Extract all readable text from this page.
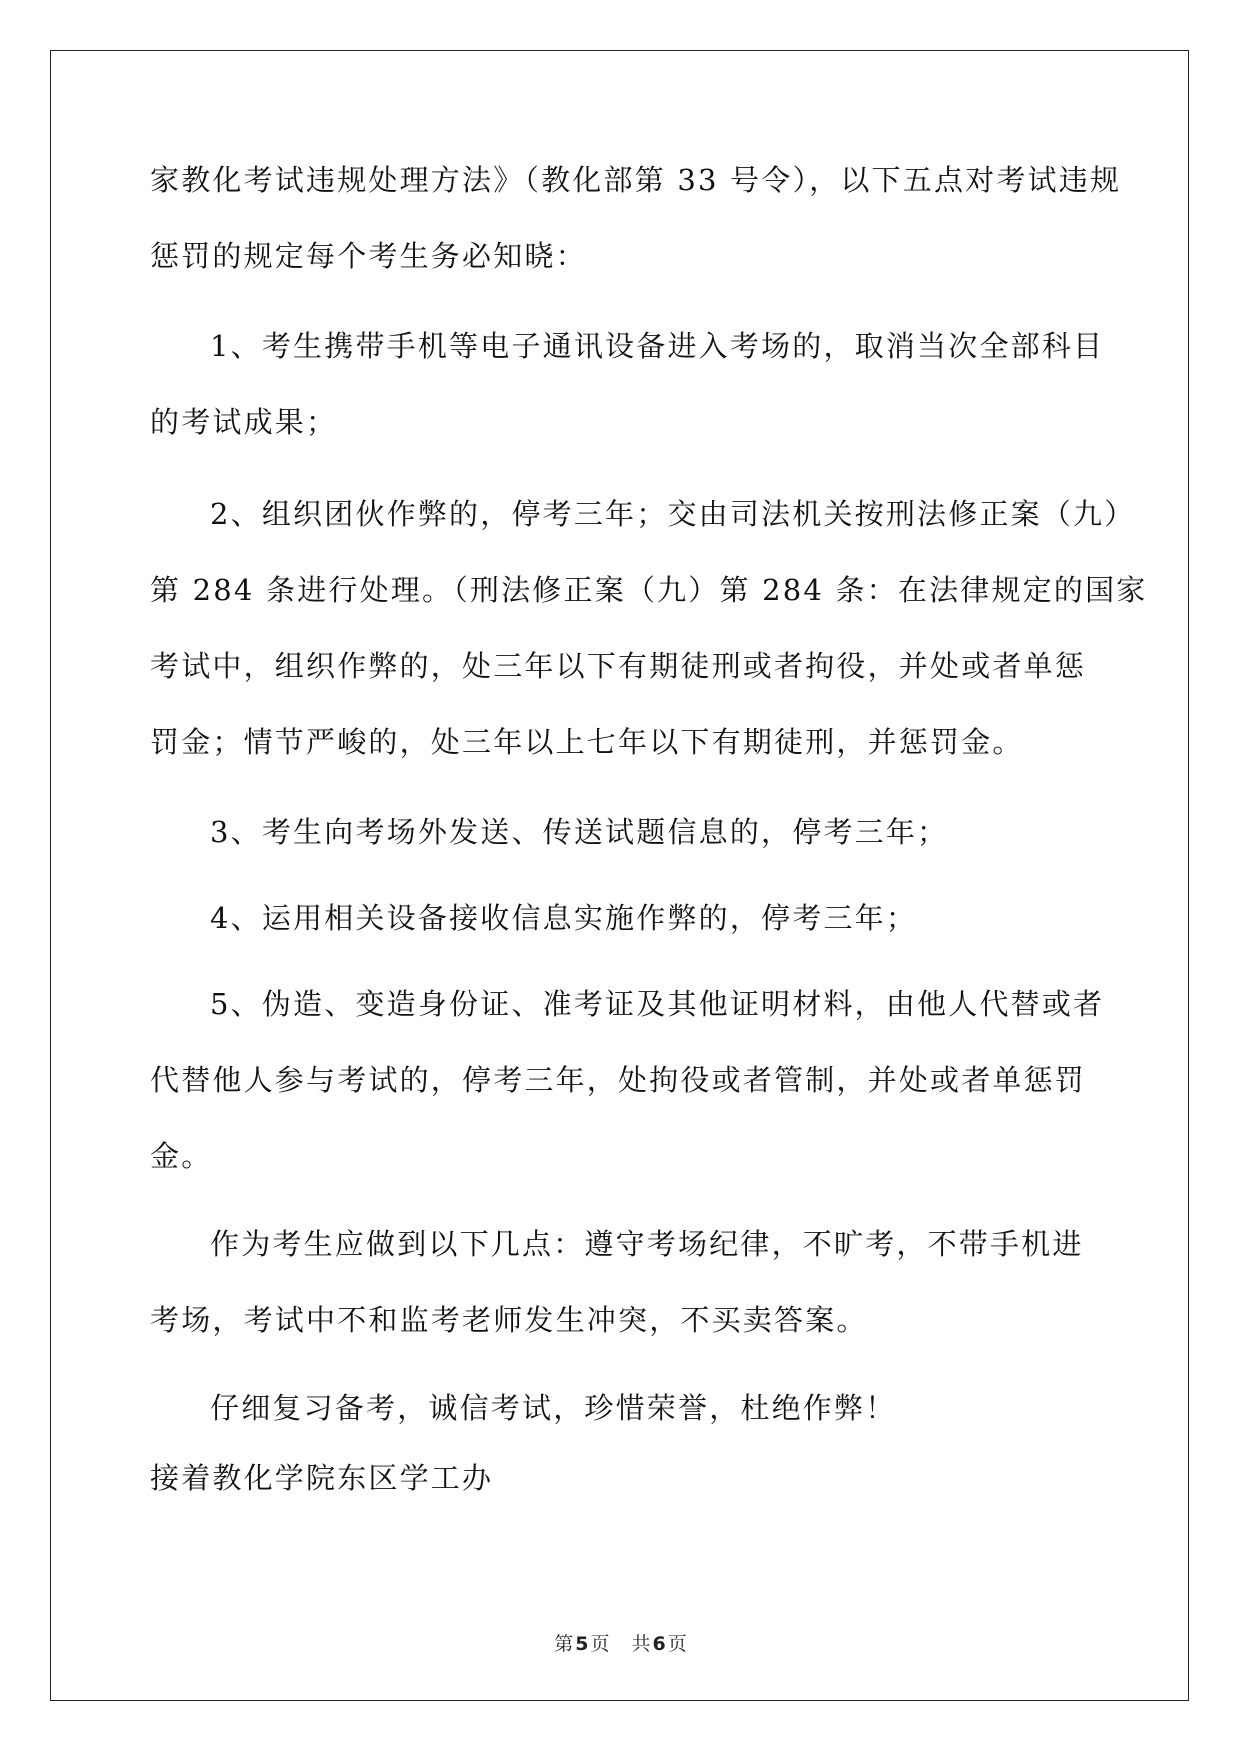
家教化考试违规处理方法》（教化部第 33 号令），以下五点对考试违规
惩罚的规定每个考生务必知晓：
1、考生携带手机等电子通讯设备进入考场的，取消当次全部科目
的考试成果；
2、组织团伙作弊的，停考三年；交由司法机关按刑法修正案（九）
第 284 条进行处理。（刑法修正案（九）第 284 条：在法律规定的国家
考试中，组织作弊的，处三年以下有期徒刑或者拘役，并处或者单惩
罚金；情节严峻的，处三年以上七年以下有期徒刑，并惩罚金。
3、考生向考场外发送、传送试题信息的，停考三年；
4、运用相关设备接收信息实施作弊的，停考三年；
5、伪造、变造身份证、准考证及其他证明材料，由他人代替或者
代替他人参与考试的，停考三年，处拘役或者管制，并处或者单惩罚
金。
作为考生应做到以下几点：遵守考场纪律，不旷考，不带手机进
考场，考试中不和监考老师发生冲突，不买卖答案。
仔细复习备考，诚信考试，珍惜荣誉，杜绝作弊！
接着教化学院东区学工办
第 5 页 共 6 页
